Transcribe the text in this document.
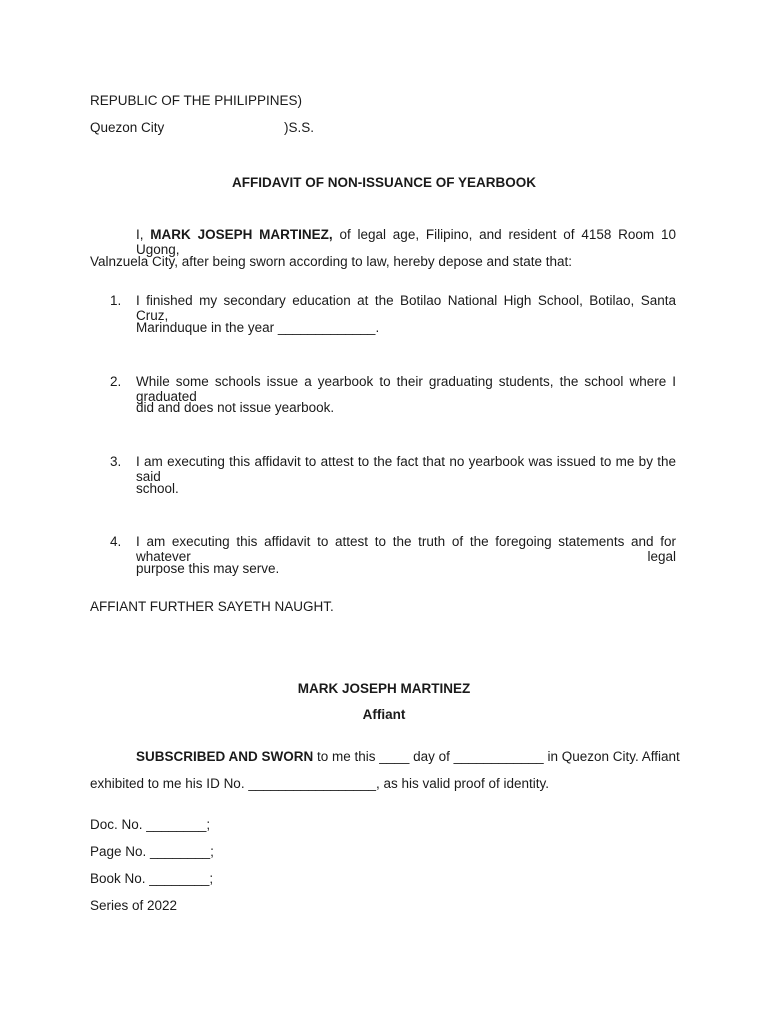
REPUBLIC OF THE PHILIPPINES)
Quezon City	)S.S.
AFFIDAVIT OF NON-ISSUANCE OF YEARBOOK
I, MARK JOSEPH MARTINEZ, of legal age, Filipino, and resident of 4158 Room 10 Ugong,
Valnzuela City, after being sworn according to law, hereby depose and state that:
1. I finished my secondary education at the Botilao National High School, Botilao, Santa Cruz,
Marinduque in the year _____________.
2. While some schools issue a yearbook to their graduating students, the school where I graduated
did and does not issue yearbook.
3. I am executing this affidavit to attest to the fact that no yearbook was issued to me by the said
school.
4. I am executing this affidavit to attest to the truth of the foregoing statements and for whatever legal
purpose this may serve.
AFFIANT FURTHER SAYETH NAUGHT.
MARK JOSEPH MARTINEZ
Affiant
SUBSCRIBED AND SWORN to me this ____ day of ____________ in Quezon City. Affiant
exhibited to me his ID No. _________________, as his valid proof of identity.
Doc. No. ________;
Page No. ________;
Book No. ________;
Series of 2022
